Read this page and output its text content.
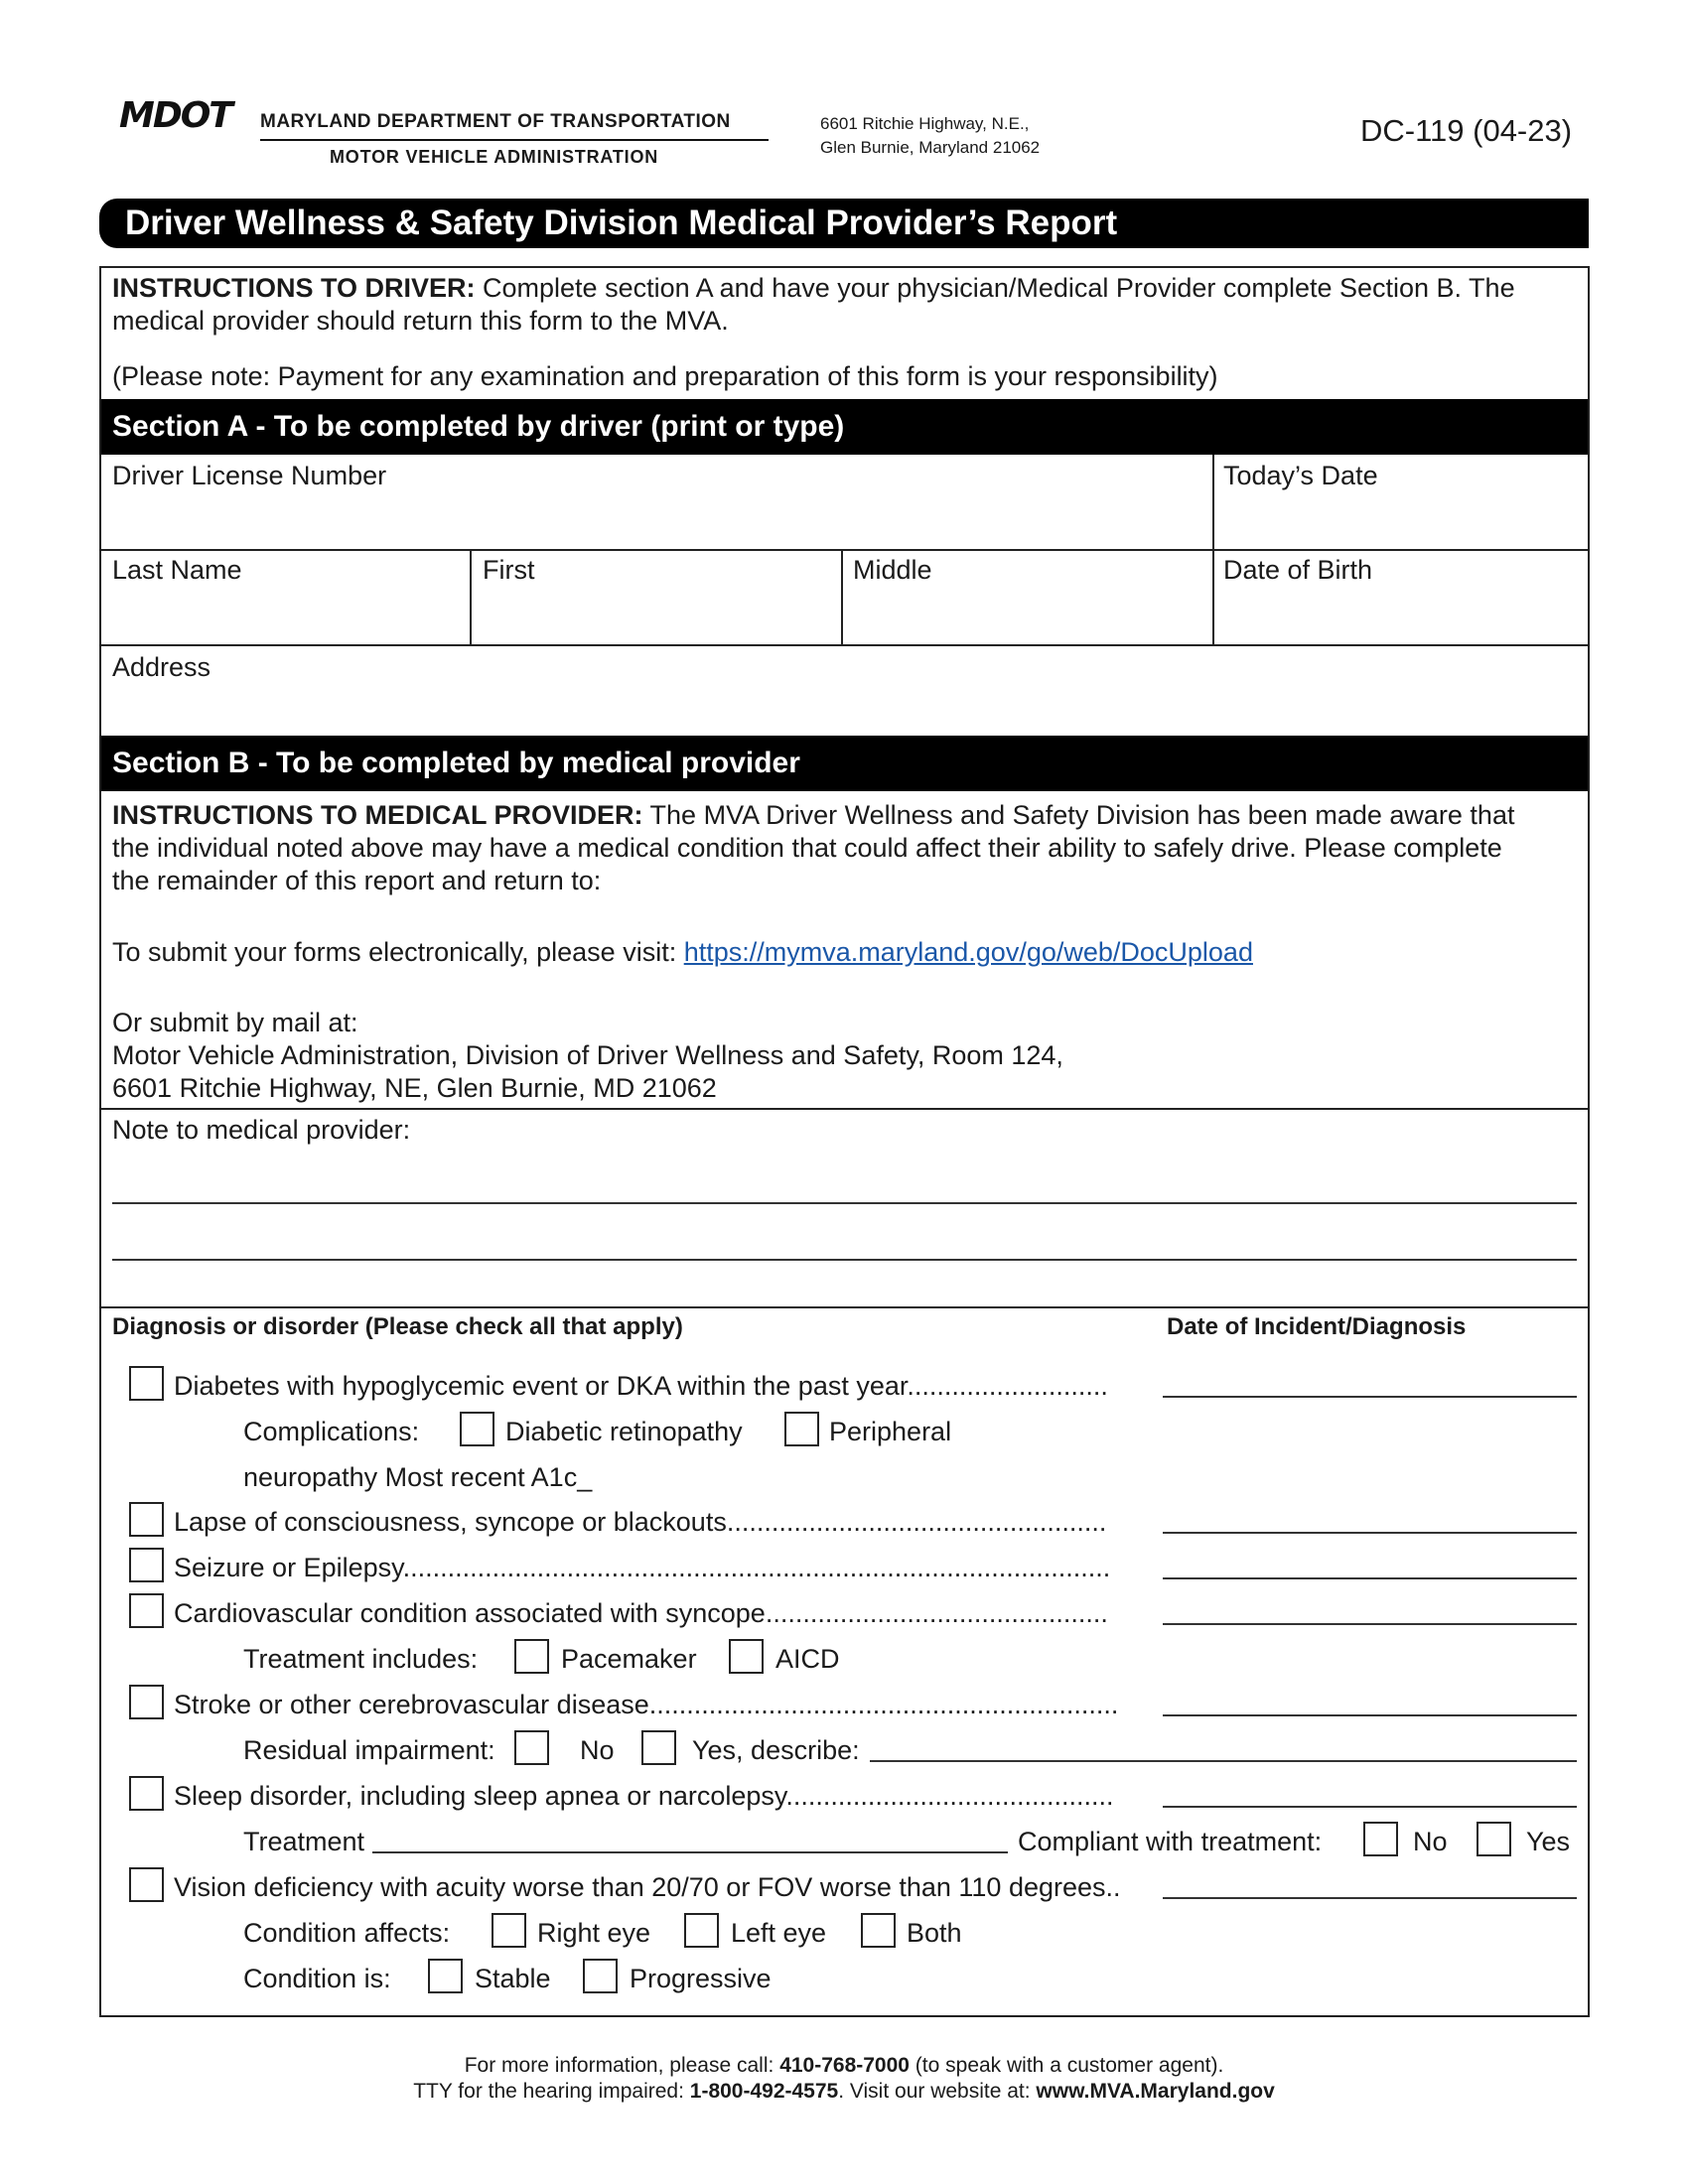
MDOT MARYLAND DEPARTMENT OF TRANSPORTATION
MOTOR VEHICLE ADMINISTRATION
6601 Ritchie Highway, N.E.,
Glen Burnie, Maryland 21062	DC-119 (04-23)
Driver Wellness & Safety Division Medical Provider’s Report
INSTRUCTIONS TO DRIVER: Complete section A and have your physician/Medical Provider complete Section B. The
medical provider should return this form to the MVA.
(Please note: Payment for any examination and preparation of this form is your responsibility)
Section A - To be completed by driver (print or type)
Driver License Number	Today’s Date
Last Name	First	Middle	Date of Birth
Address
Section B - To be completed by medical provider
INSTRUCTIONS TO MEDICAL PROVIDER: The MVA Driver Wellness and Safety Division has been made aware that
the individual noted above may have a medical condition that could affect their ability to safely drive. Please complete
the remainder of this report and return to:
To submit your forms electronically, please visit: https://mymva.maryland.gov/go/web/DocUpload
Or submit by mail at:
Motor Vehicle Administration, Division of Driver Wellness and Safety, Room 124,
6601 Ritchie Highway, NE, Glen Burnie, MD 21062
Note to medical provider:
Diagnosis or disorder (Please check all that apply)	Date of Incident/Diagnosis
Diabetes with hypoglycemic event or DKA within the past year...........................
Complications:	Diabetic retinopathy	Peripheral
neuropathy Most recent A1c_
Lapse of consciousness, syncope or blackouts...................................................
Seizure or Epilepsy...............................................................................................
Cardiovascular condition associated with syncope..............................................
Treatment includes:	Pacemaker	AICD
Stroke or other cerebrovascular disease...............................................................
Residual impairment:	No	Yes, describe:
Sleep disorder, including sleep apnea or narcolepsy............................................
Treatment	Compliant with treatment:	No	Yes
Vision deficiency with acuity worse than 20/70 or FOV worse than 110 degrees..
Condition affects:	Right eye	Left eye	Both
Condition is:	Stable	Progressive
For more information, please call: 410-768-7000 (to speak with a customer agent).
TTY for the hearing impaired: 1-800-492-4575. Visit our website at: www.MVA.Maryland.gov
